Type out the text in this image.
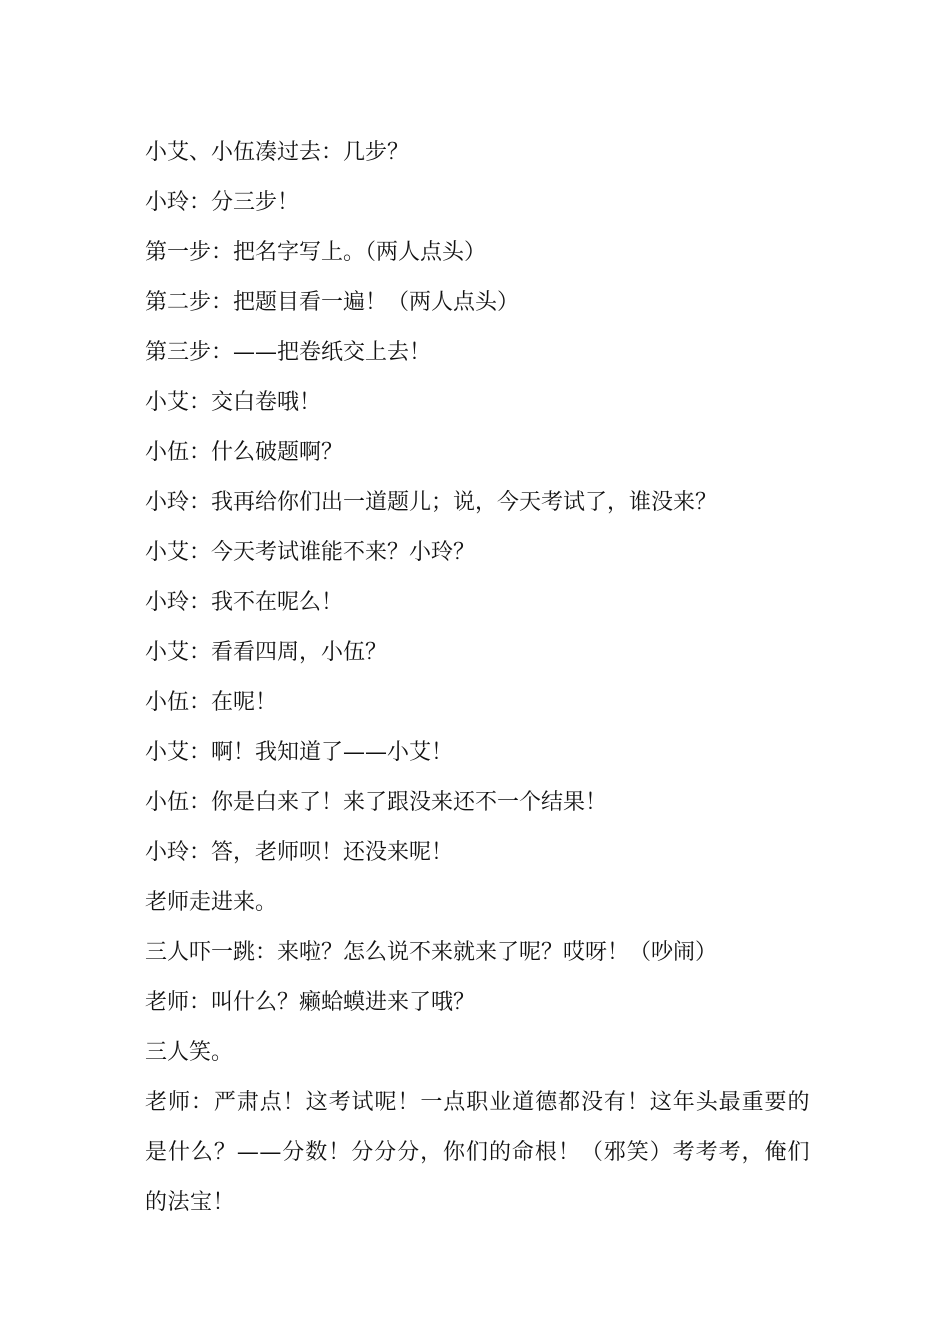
小艾、小伍凑过去：几步？

小玲：分三步！

第一步：把名字写上。（两人点头）

第二步：把题目看一遍！（两人点头）

第三步：——把卷纸交上去！

小艾：交白卷哦！

小伍：什么破题啊？

小玲：我再给你们出一道题儿；说，今天考试了，谁没来？

小艾：今天考试谁能不来？小玲？

小玲：我不在呢么！

小艾：看看四周，小伍？

小伍：在呢！

小艾：啊！我知道了——小艾！

小伍：你是白来了！来了跟没来还不一个结果！

小玲：答，老师呗！还没来呢！

老师走进来。

三人吓一跳：来啦？怎么说不来就来了呢？哎呀！（吵闹）

老师：叫什么？癞蛤蟆进来了哦？

三人笑。

老师：严肃点！这考试呢！一点职业道德都没有！这年头最重要的是什么？——分数！分分分，你们的命根！（邪笑）考考考，俺们的法宝！
